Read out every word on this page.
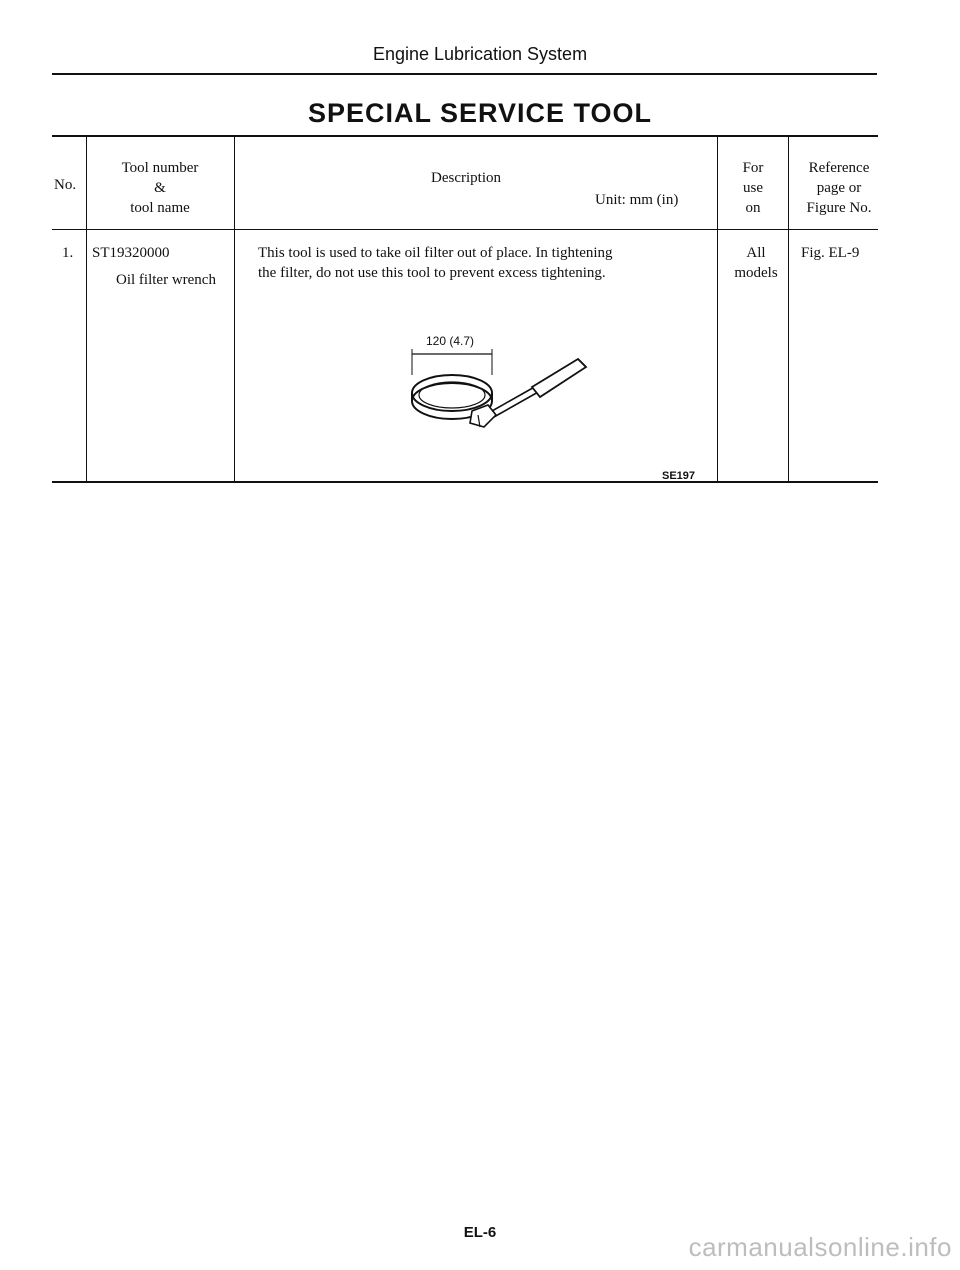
Engine Lubrication System
SPECIAL SERVICE TOOL
No.
Tool number
&
tool name
Description
Unit: mm (in)
For
use
on
Reference
page or
Figure No.
1. ST19320000
Oil filter wrench
This tool is used to take oil filter out of place. In tightening
the filter, do not use this tool to prevent excess tightening.
All
models
Fig. EL-9
120 (4.7)
SE197
EL-6	carmanualsonline.info
